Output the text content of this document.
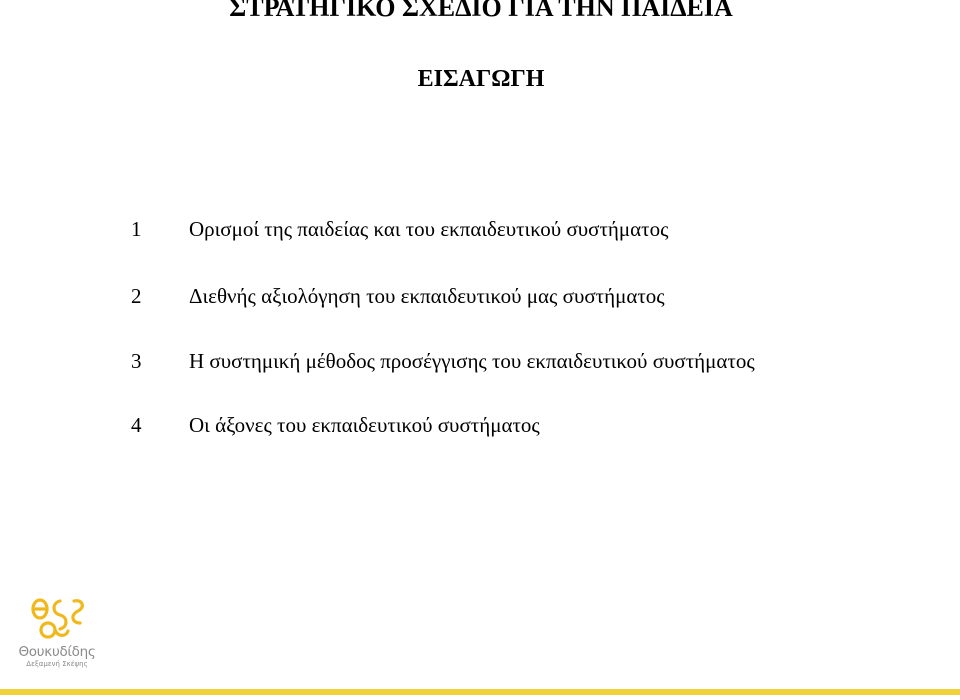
ΣΤΡΑΤΗΓΙΚΟ ΣΧΕΔΙΟ ΓΙΑ ΤΗΝ ΠΑΙΔΕΙΑ
ΕΙΣΑΓΩΓΗ
1 Ορισμοί της παιδείας και του εκπαιδευτικού συστήματος
2 Διεθνής αξιολόγηση του εκπαιδευτικού μας συστήματος
3 Η συστημική μέθοδος προσέγγισης του εκπαιδευτικού συστήματος
4 Οι άξονες του εκπαιδευτικού συστήματος
Θουκυδίδης
Δεξαμενή Σκέψης
